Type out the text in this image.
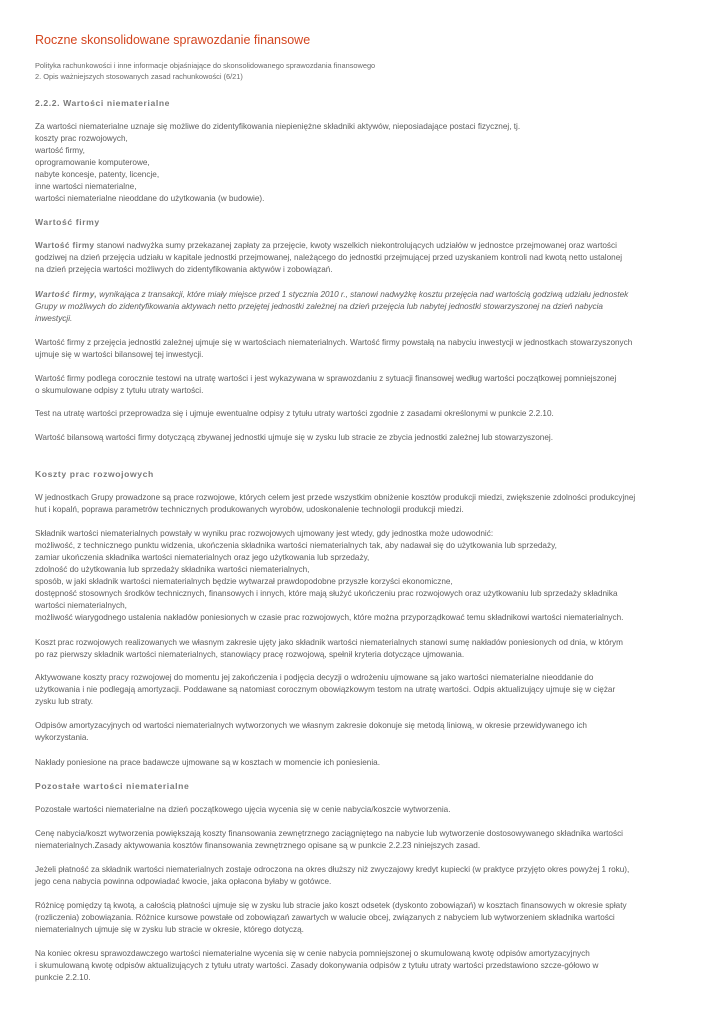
Roczne skonsolidowane sprawozdanie finansowe
Polityka rachunkowości i inne informacje objaśniające do skonsolidowanego sprawozdania finansowego
2. Opis ważniejszych stosowanych zasad rachunkowości (6/21)
2.2.2. Wartości niematerialne
Za wartości niematerialne uznaje się możliwe do zidentyfikowania niepieniężne składniki aktywów, nieposiadające postaci fizycznej, tj.
koszty prac rozwojowych,
wartość firmy,
oprogramowanie komputerowe,
nabyte koncesje, patenty, licencje,
inne wartości niematerialne,
wartości niematerialne nieoddane do użytkowania (w budowie).
Wartość firmy
Wartość firmy stanowi nadwyżka sumy przekazanej zapłaty za przejęcie, kwoty wszelkich niekontrolujących udziałów w jednostce przejmowanej oraz wartości
godziwej na dzień przejęcia udziału w kapitale jednostki przejmowanej, należącego do jednostki przejmującej przed uzyskaniem kontroli nad kwotą netto ustalonej
na dzień przejęcia wartości możliwych do zidentyfikowania aktywów i zobowiązań.
Wartość firmy, wynikająca z transakcji, które miały miejsce przed 1 stycznia 2010 r., stanowi nadwyżkę kosztu przejęcia nad wartością godziwą udziału jednostek
Grupy w możliwych do zidentyfikowania aktywach netto przejętej jednostki zależnej na dzień przejęcia lub nabytej jednostki stowarzyszonej na dzień nabycia
inwestycji.
Wartość firmy z przejęcia jednostki zależnej ujmuje się w wartościach niematerialnych. Wartość firmy powstałą na nabyciu inwestycji w jednostkach stowarzyszonych
ujmuje się w wartości bilansowej tej inwestycji.
Wartość firmy podlega corocznie testowi na utratę wartości i jest wykazywana w sprawozdaniu z sytuacji finansowej według wartości początkowej pomniejszonej
o skumulowane odpisy z tytułu utraty wartości.
Test na utratę wartości przeprowadza się i ujmuje ewentualne odpisy z tytułu utraty wartości zgodnie z zasadami określonymi w punkcie 2.2.10.
Wartość bilansową wartości firmy dotyczącą zbywanej jednostki ujmuje się w zysku lub stracie ze zbycia jednostki zależnej lub stowarzyszonej.
Koszty prac rozwojowych
W jednostkach Grupy prowadzone są prace rozwojowe, których celem jest przede wszystkim obniżenie kosztów produkcji miedzi, zwiększenie zdolności produkcyjnej
hut i kopalń, poprawa parametrów technicznych produkowanych wyrobów, udoskonalenie technologii produkcji miedzi.
Składnik wartości niematerialnych powstały w wyniku prac rozwojowych ujmowany jest wtedy, gdy jednostka może udowodnić:
możliwość, z technicznego punktu widzenia, ukończenia składnika wartości niematerialnych tak, aby nadawał się do użytkowania lub sprzedaży,
zamiar ukończenia składnika wartości niematerialnych oraz jego użytkowania lub sprzedaży,
zdolność do użytkowania lub sprzedaży składnika wartości niematerialnych,
sposób, w jaki składnik wartości niematerialnych będzie wytwarzał prawdopodobne przyszłe korzyści ekonomiczne,
dostępność stosownych środków technicznych, finansowych i innych, które mają służyć ukończeniu prac rozwojowych oraz użytkowaniu lub sprzedaży składnika
wartości niematerialnych,
możliwość wiarygodnego ustalenia nakładów poniesionych w czasie prac rozwojowych, które można przyporządkować temu składnikowi wartości niematerialnych.
Koszt prac rozwojowych realizowanych we własnym zakresie ujęty jako składnik wartości niematerialnych stanowi sumę nakładów poniesionych od dnia, w którym
po raz pierwszy składnik wartości niematerialnych, stanowiący pracę rozwojową, spełnił kryteria dotyczące ujmowania.
Aktywowane koszty pracy rozwojowej do momentu jej zakończenia i podjęcia decyzji o wdrożeniu ujmowane są jako wartości niematerialne nieoddanie do
użytkowania i nie podlegają amortyzacji. Poddawane są natomiast corocznym obowiązkowym testom na utratę wartości. Odpis aktualizujący ujmuje się w ciężar
zysku lub straty.
Odpisów amortyzacyjnych od wartości niematerialnych wytworzonych we własnym zakresie dokonuje się metodą liniową, w okresie przewidywanego ich
wykorzystania.
Nakłady poniesione na prace badawcze ujmowane są w kosztach w momencie ich poniesienia.
Pozostałe wartości niematerialne
Pozostałe wartości niematerialne na dzień początkowego ujęcia wycenia się w cenie nabycia/koszcie wytworzenia.
Cenę nabycia/koszt wytworzenia powiększają koszty finansowania zewnętrznego zaciągniętego na nabycie lub wytworzenie dostosowywanego składnika wartości
niematerialnych.Zasady aktywowania kosztów finansowania zewnętrznego opisane są w punkcie 2.2.23 niniejszych zasad.
Jeżeli płatność za składnik wartości niematerialnych zostaje odroczona na okres dłuższy niż zwyczajowy kredyt kupiecki (w praktyce przyjęto okres powyżej 1 roku),
jego cena nabycia powinna odpowiadać kwocie, jaka opłacona byłaby w gotówce.
Różnicę pomiędzy tą kwotą, a całością płatności ujmuje się w zysku lub stracie jako koszt odsetek (dyskonto zobowiązań) w kosztach finansowych w okresie spłaty
(rozliczenia) zobowiązania. Różnice kursowe powstałe od zobowiązań zawartych w walucie obcej, związanych z nabyciem lub wytworzeniem składnika wartości
niematerialnych ujmuje się w zysku lub stracie w okresie, którego dotyczą.
Na koniec okresu sprawozdawczego wartości niematerialne wycenia się w cenie nabycia pomniejszonej o skumulowaną kwotę odpisów amortyzacyjnych
i skumulowaną kwotę odpisów aktualizujących z tytułu utraty wartości. Zasady dokonywania odpisów z tytułu utraty wartości przedstawiono szcze-gółowo w
punkcie 2.2.10.
